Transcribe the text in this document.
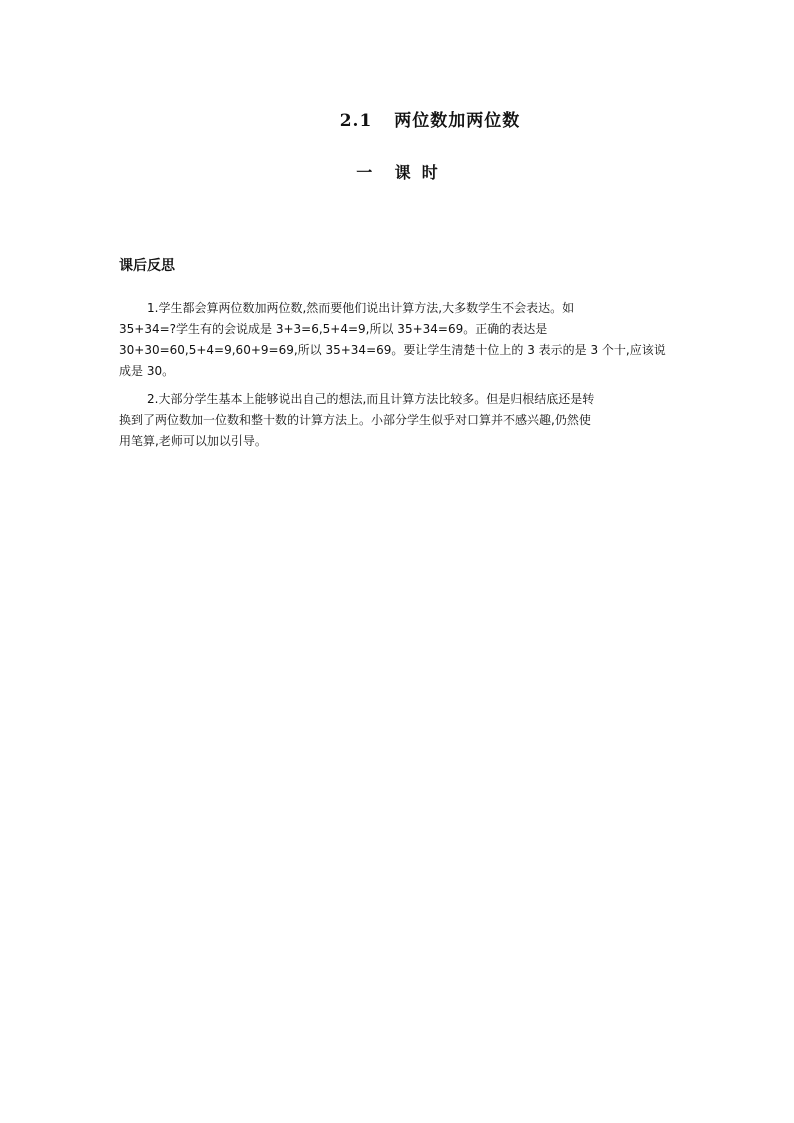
2.1 两位数加两位数
一    课  时
课后反思

1.学生都会算两位数加两位数,然而要他们说出计算方法,大多数学生不会表达。如
35+34=?学生有的会说成是 3+3=6,5+4=9,所以 35+34=69。正确的表达是
30+30=60,5+4=9,60+9=69,所以 35+34=69。要让学生清楚十位上的 3 表示的是 3 个十,应该说
成是 30。

2.大部分学生基本上能够说出自己的想法,而且计算方法比较多。但是归根结底还是转
换到了两位数加一位数和整十数的计算方法上。小部分学生似乎对口算并不感兴趣,仍然使
用笔算,老师可以加以引导。
